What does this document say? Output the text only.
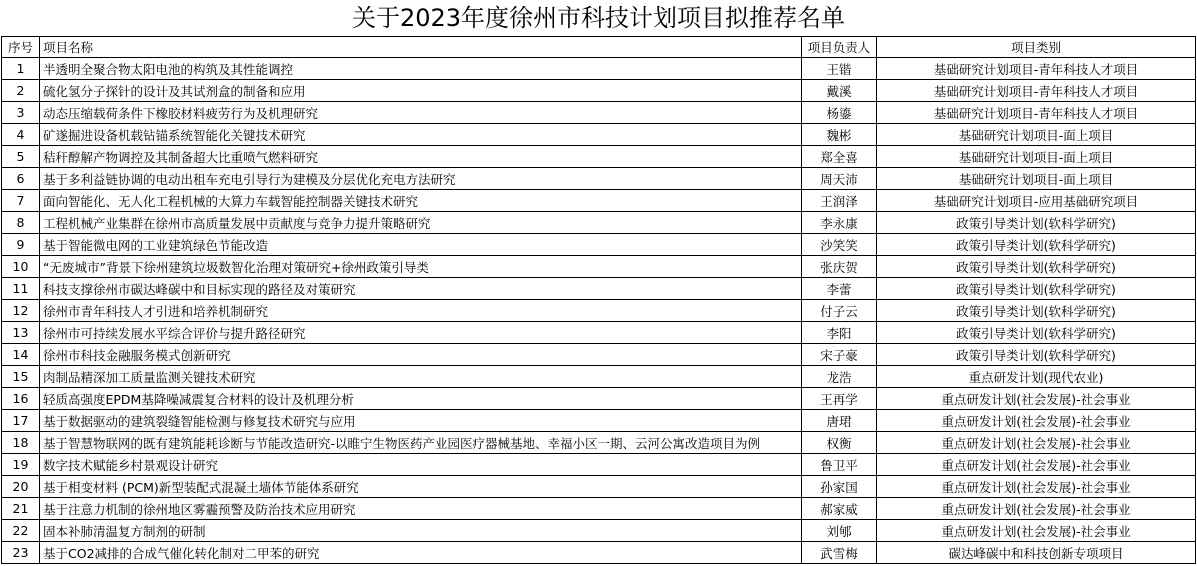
关于2023年度徐州市科技计划项目拟推荐名单
序号	项目名称	项目负责人	项目类别
1	半透明全聚合物太阳电池的构筑及其性能调控	王锴	基础研究计划项目-青年科技人才项目
2	硫化氢分子探针的设计及其试剂盒的制备和应用	戴溪	基础研究计划项目-青年科技人才项目
3	动态压缩载荷条件下橡胶材料疲劳行为及机理研究	杨鎏	基础研究计划项目-青年科技人才项目
4	矿遂掘进设备机载钻锚系统智能化关键技术研究	魏彬	基础研究计划项目-面上项目
5	秸秆醇解产物调控及其制备超大比重喷气燃料研究	郑全喜	基础研究计划项目-面上项目
6	基于多利益链协调的电动出租车充电引导行为建模及分层优化充电方法研究	周天沛	基础研究计划项目-面上项目
7	面向智能化、无人化工程机械的大算力车载智能控制器关键技术研究	王润泽	基础研究计划项目-应用基础研究项目
8	工程机械产业集群在徐州市高质量发展中贡献度与竞争力提升策略研究	李永康	政策引导类计划(软科学研究)
9	基于智能微电网的工业建筑绿色节能改造	沙笑笑	政策引导类计划(软科学研究)
10	“无废城市”背景下徐州建筑垃圾数智化治理对策研究+徐州政策引导类	张庆贺	政策引导类计划(软科学研究)
11	科技支撑徐州市碳达峰碳中和目标实现的路径及对策研究	李蕾	政策引导类计划(软科学研究)
12	徐州市青年科技人才引进和培养机制研究	付子云	政策引导类计划(软科学研究)
13	徐州市可持续发展水平综合评价与提升路径研究	李阳	政策引导类计划(软科学研究)
14	徐州市科技金融服务模式创新研究	宋子豪	政策引导类计划(软科学研究)
15	肉制品精深加工质量监测关键技术研究	龙浩	重点研发计划(现代农业)
16	轻质高强度EPDM基降噪减震复合材料的设计及机理分析	王再学	重点研发计划(社会发展)-社会事业
17	基于数据驱动的建筑裂缝智能检测与修复技术研究与应用	唐珺	重点研发计划(社会发展)-社会事业
18	基于智慧物联网的既有建筑能耗诊断与节能改造研究-以睢宁生物医药产业园医疗器械基地、幸福小区一期、云河公寓改造项目为例	权衡	重点研发计划(社会发展)-社会事业
19	数字技术赋能乡村景观设计研究	鲁卫平	重点研发计划(社会发展)-社会事业
20	基于相变材料 (PCM)新型装配式混凝土墙体节能体系研究	孙家国	重点研发计划(社会发展)-社会事业
21	基于注意力机制的徐州地区雾霾预警及防治技术应用研究	郝家威	重点研发计划(社会发展)-社会事业
22	固本补肺清温复方制剂的研制	刘郇	重点研发计划(社会发展)-社会事业
23	基于CO2减排的合成气催化转化制对二甲苯的研究	武雪梅	碳达峰碳中和科技创新专项项目
